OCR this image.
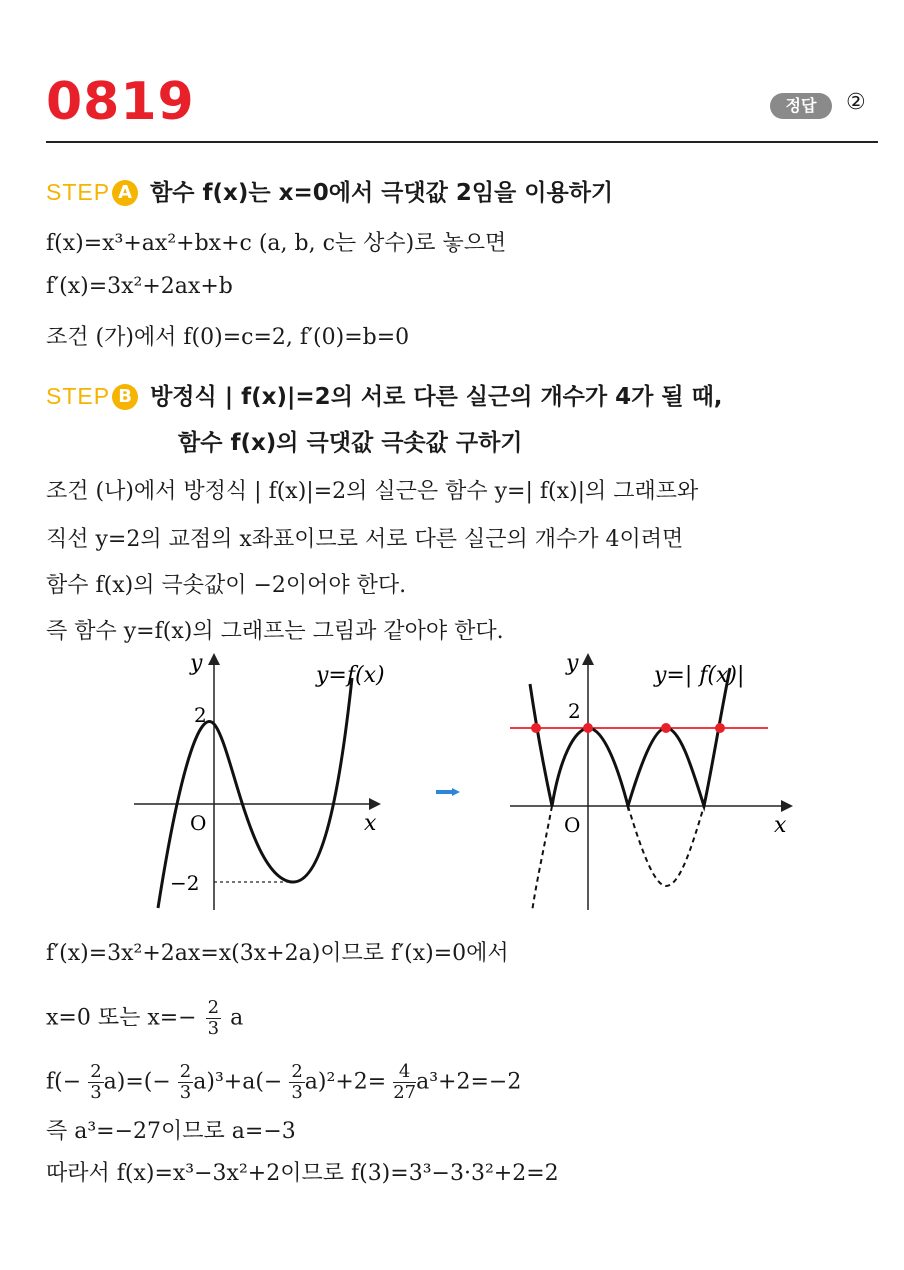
0819	정답	②
STEP A 함수 f(x)는 x=0에서 극댓값 2임을 이용하기
f(x)=x³+ax²+bx+c (a, b, c는 상수)로 놓으면
f′(x)=3x²+2ax+b
조건 (가)에서 f(0)=c=2, f′(0)=b=0
STEP B 방정식 | f(x)|=2의 서로 다른 실근의 개수가 4가 될 때,
함수 f(x)의 극댓값 극솟값 구하기
조건 (나)에서 방정식 | f(x)|=2의 실근은 함수 y=| f(x)|의 그래프와
직선 y=2의 교점의 x좌표이므로 서로 다른 실근의 개수가 4이려면
함수 f(x)의 극솟값이 −2이어야 한다.
즉 함수 y=f(x)의 그래프는 그림과 같아야 한다.
y
x
O
2
−2
y=f(x)	y
x
O
2
y=| f(x)|
f′(x)=3x²+2ax=x(3x+2a)이므로 f′(x)=0에서
x=0 또는 $x=- \frac{2}{3}$ a
$f(- \frac{2}{3} a)=(- \frac{2}{3} a)^3+a(- \frac{2}{3} a)^2+2= \frac{4}{27} a^3+2=-2$
즉 a³=−27이므로 a=−3
따라서 f(x)=x³−3x²+2이므로 f(3)=3³−3·3²+2=2
